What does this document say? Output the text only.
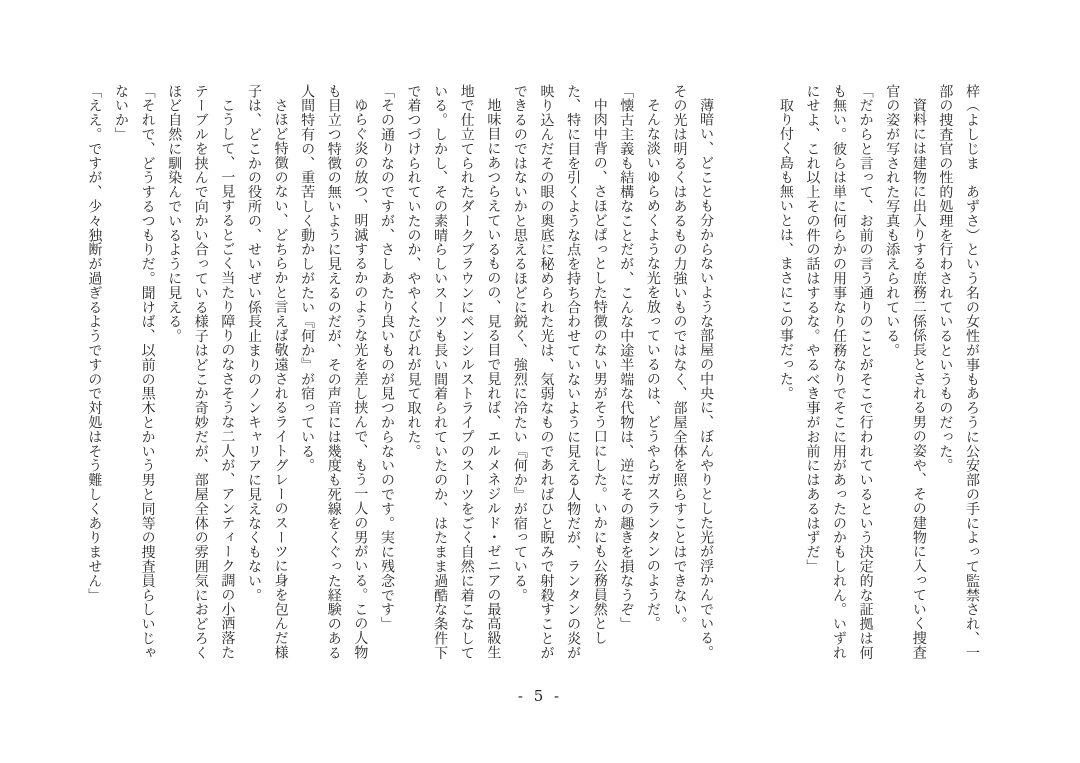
梓（よしじま　あずさ）という名の女性が事もあろうに公安部の手によって監禁され、一部の捜査官の性的処理を行わされているというものだった。

資料には建物に出入りする庶務二係係長とされる男の姿や、その建物に入っていく捜査官の姿が写された写真も添えられている。

「だからと言って、お前の言う通りのことがそこで行われているという決定的な証拠は何も無い。彼らは単に何らかの用事なり任務なりでそこに用があったのかもしれん。いずれにせよ、これ以上その件の話はするな。やるべき事がお前にはあるはずだ」

取り付く島も無いとは、まさにこの事だった。

薄暗い、どことも分からないような部屋の中央に、ぼんやりとした光が浮かんでいる。

その光は明るくはあるもの力強いものではなく、部屋全体を照らすことはできない。

そんな淡いゆらめくような光を放っているのは、どうやらガスランタンのようだ。

「懐古主義も結構なことだが、こんな中途半端な代物は、逆にその趣きを損なうぞ」

中肉中背の、さほどぱっとした特徴のない男がそう口にした。いかにも公務員然とした、特に目を引くような点を持ち合わせていないように見える人物だが、ランタンの炎が映り込んだその眼の奥底に秘められた光は、気弱なものであればひと睨みで射殺すことができるのではないかと思えるほどに鋭く、強烈に冷たい『何か』が宿っている。

地味目にあつらえているものの、見る目で見れば、エルメネジルド・ゼニアの最高級生地で仕立てられたダークブラウンにペンシルストライプのスーツをごく自然に着こなしている。しかし、その素晴らしいスーツも長い間着られていたのか、はたまま過酷な条件下で着つづけられていたのか、ややくたびれが見て取れた。

「その通りなのですが、さしあたり良いものが見つからないのです。実に残念です」

ゆらぐ炎の放つ、明滅するかのような光を差し挟んで、もう一人の男がいる。この人物も目立つ特徴の無いように見えるのだが、その声音には幾度も死線をくぐった経験のある人間特有の、重苦しく動かしがたい『何か』が宿っている。

さほど特徴のない、どちらかと言えば敬遠されるライトグレーのスーツに身を包んだ様子は、どこかの役所の、せいぜい係長止まりのノンキャリアに見えなくもない。

こうして、一見するとごく当たり障りのなさそうな二人が、アンティーク調の小洒落たテーブルを挟んで向かい合っている様子はどこか奇妙だが、部屋全体の雰囲気におどろくほど自然に馴染んでいるように見える。

「それで、どうするつもりだ。聞けば、以前の黒木とかいう男と同等の捜査員らしいじゃないか」

「ええ。ですが、少々独断が過ぎるようですので対処はそう難しくありません」

- 5 -
